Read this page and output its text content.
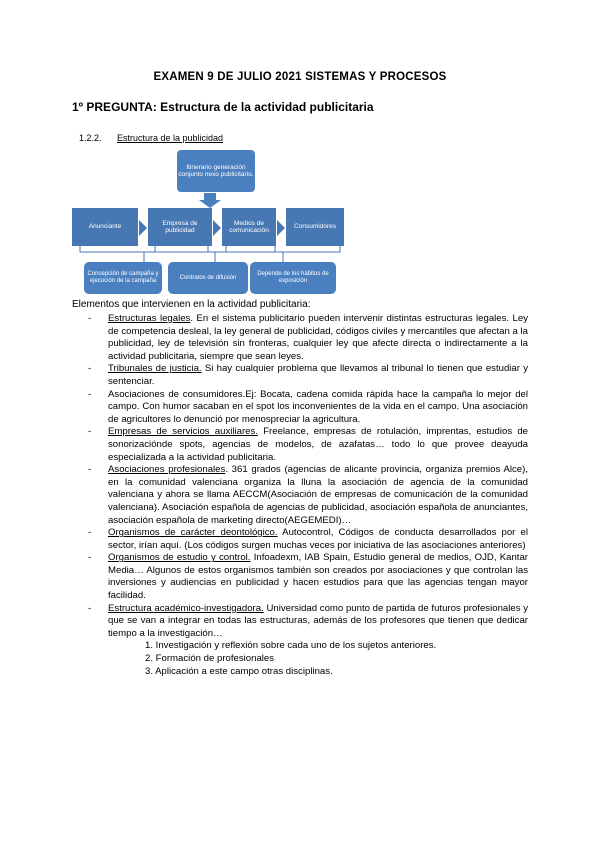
EXAMEN 9 DE JULIO 2021 SISTEMAS Y PROCESOS
1º PREGUNTA: Estructura de la actividad publicitaria
1.2.2. Estructura de la publicidad
Itinerario generación conjunto nexo publicitario.
Anunciante
Empresa de publicidad
Medios de comunicación
Consumidores
Concepción de campaña y ejecución de la campaña
Contratos de difusión
Depende de los hábitos de exposición
Elementos que intervienen en la actividad publicitaria:

- Estructuras legales. En el sistema publicitario pueden intervenir distintas estructuras legales. Ley de competencia desleal, la ley general de publicidad, códigos civiles y mercantiles que afectan a la publicidad, ley de televisión sin fronteras, cualquier ley que afecte directa o indirectamente a la actividad publicitaria, siempre que sean leyes.

- Tribunales de justicia. Si hay cualquier problema que llevamos al tribunal lo tienen que estudiar y sentenciar.

- Asociaciones de consumidores.Ej: Bocata, cadena comida rápida hace la campaña lo mejor del campo. Con humor sacaban en el spot los inconvenientes de la vida en el campo. Una asociación de agricultores lo denunció por menospreciar la agricultura.

- Empresas de servicios auxiliares. Freelance, empresas de rotulación, imprentas, estudios de sonorizaciónde spots, agencias de modelos, de azafatas… todo lo que provee deayuda especializada a la actividad publicitaria.

- Asociaciones profesionales. 361 grados (agencias de alicante provincia, organiza premios Alce), en la comunidad valenciana organiza la lluna la asociación de agencia de la comunidad valenciana y ahora se llama AECCM(Asociación de empresas de comunicación de la comunidad valenciana). Asociación española de agencias de publicidad, asociación española de anunciantes, asociación española de marketing directo(AEGEMEDI)…

- Organismos de carácter deontológico. Autocontrol, Códigos de conducta desarrollados por el sector, irían aquí. (Los códigos surgen muchas veces por iniciativa de las asociaciones anteriores)

- Organismos de estudio y control. Infoadexm, IAB Spain, Estudio general de medios, OJD, Kantar Media… Algunos de estos organismos también son creados por asociaciones y que controlan las inversiones y audiencias en publicidad y hacen estudios para que las agencias tengan mayor facilidad.

- Estructura académico-investigadora. Universidad como punto de partida de futuros profesionales y que se van a integrar en todas las estructuras, además de los profesores que tienen que dedicar tiempo a la investigación…

1. Investigación y reflexión sobre cada uno de los sujetos anteriores.

2. Formación de profesionales

3. Aplicación a este campo otras disciplinas.
